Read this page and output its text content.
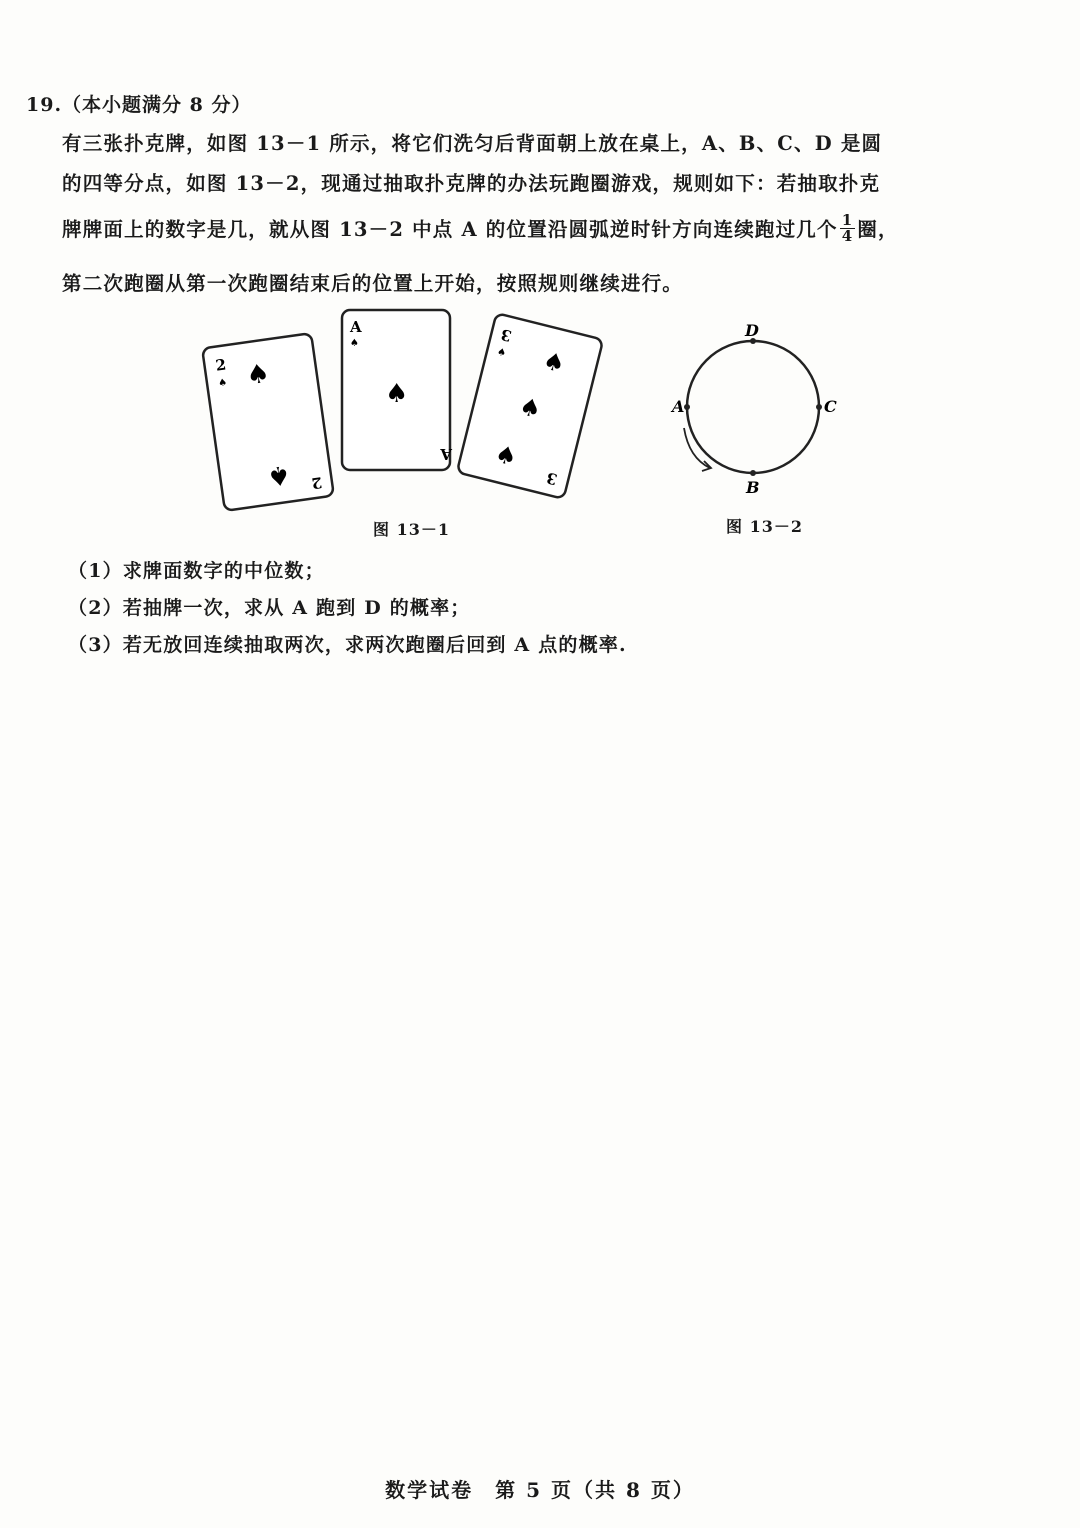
19.（本小题满分 8 分）
有三张扑克牌，如图 13－1 所示，将它们洗匀后背面朝上放在桌上，A、B、C、D 是圆
的四等分点，如图 13－2，现通过抽取扑克牌的办法玩跑圈游戏，规则如下：若抽取扑克
牌牌面上的数字是几，就从图 13－2 中点 A 的位置沿圆弧逆时针方向连续跑过几个 $\frac{1}{4}$ 圈，
第二次跑圈从第一次跑圈结束后的位置上开始，按照规则继续进行。
2
♠ ♠
♠ 2
A
♠
♠
A
3
♠ ♠
♠
♠
3
D
A	C
B
图 13－1	图 13－2
（1）求牌面数字的中位数；
（2）若抽牌一次，求从 A 跑到 D 的概率；
（3）若无放回连续抽取两次，求两次跑圈后回到 A 点的概率.
数学试卷　第 5 页（共 8 页）
